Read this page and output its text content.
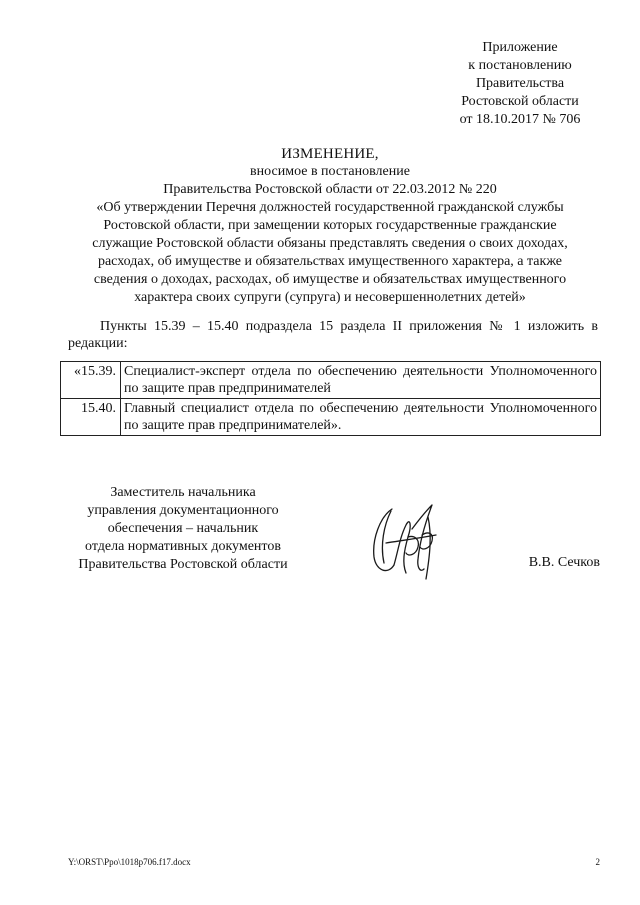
Приложение
к постановлению
Правительства
Ростовской области
от 18.10.2017 № 706
ИЗМЕНЕНИЕ,
вносимое в постановление
Правительства Ростовской области от 22.03.2012 № 220
«Об утверждении Перечня должностей государственной гражданской службы
Ростовской области, при замещении которых государственные гражданские
служащие Ростовской области обязаны представлять сведения о своих доходах,
расходах, об имуществе и обязательствах имущественного характера, а также
сведения о доходах, расходах, об имуществе и обязательствах имущественного
характера своих супруги (супруга) и несовершеннолетних детей»
Пункты 15.39 – 15.40 подраздела 15 раздела II приложения № 1 изложить в редакции:
«15.39.	Специалист-эксперт отдела по обеспечению деятельности Уполномоченного по защите прав предпринимателей
15.40.	Главный специалист отдела по обеспечению деятельности Уполномоченного по защите прав предпринимателей».
Заместитель начальника
управления документационного
обеспечения – начальник
отдела нормативных документов
Правительства Ростовской области	В.В. Сечков
Y:\ORST\Ppo\1018p706.f17.docx	2
